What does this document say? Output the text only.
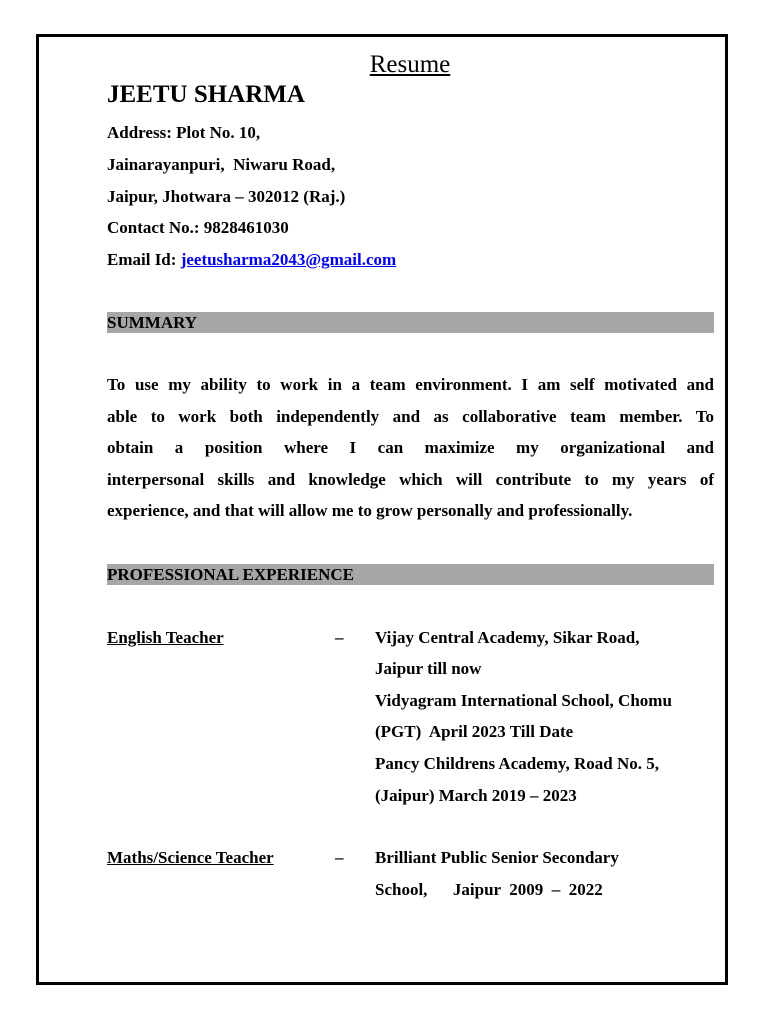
Resume
JEETU SHARMA
Address: Plot No. 10,
Jainarayanpuri,  Niwaru Road,
Jaipur, Jhotwara – 302012 (Raj.)
Contact No.: 9828461030
Email Id: jeetusharma2043@gmail.com
SUMMARY
To use my ability to work in a team environment. I am self motivated and
able to work both independently and as collaborative team member. To
obtain a position where I can maximize my organizational and
interpersonal skills and knowledge which will contribute to my years of
experience, and that will allow me to grow personally and professionally.
PROFESSIONAL EXPERIENCE
English Teacher	– Vijay Central Academy, Sikar Road,
Jaipur till now
Vidyagram International School, Chomu
(PGT)  April 2023 Till Date
Pancy Childrens Academy, Road No. 5,
(Jaipur) March 2019 – 2023
Maths/Science Teacher	– Brilliant Public Senior Secondary
School,      Jaipur  2009  –  2022
